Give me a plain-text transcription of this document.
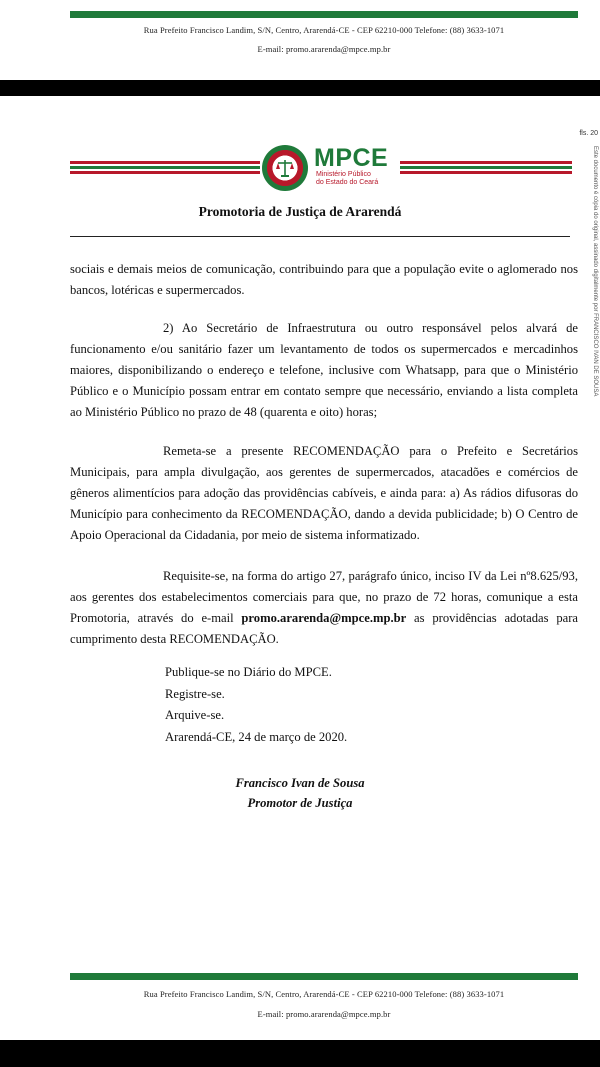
Rua Prefeito Francisco Landim, S/N, Centro, Ararendá-CE - CEP 62210-000 Telefone: (88) 3633-1071
E-mail: promo.ararenda@mpce.mp.br
fls. 20
Este documento é cópia do original, assinado digitalmente por FRANCISCO IVAN DE SOUSA
MPCE
Ministério Público
do Estado do Ceará
Promotoria de Justiça de Ararendá

sociais e demais meios de comunicação, contribuindo para que a população evite o aglomerado nos bancos, lotéricas e supermercados.

2) Ao Secretário de Infraestrutura ou outro responsável pelos alvará de funcionamento e/ou sanitário fazer um levantamento de todos os supermercados e mercadinhos maiores, disponibilizando o endereço e telefone, inclusive com Whatsapp, para que o Ministério Público e o Município possam entrar em contato sempre que necessário, enviando a lista completa ao Ministério Público no prazo de 48 (quarenta e oito) horas;

Remeta-se a presente RECOMENDAÇÃO para o Prefeito e Secretários Municipais, para ampla divulgação, aos gerentes de supermercados, atacadões e comércios de gêneros alimentícios para adoção das providências cabíveis, e ainda para: a) As rádios difusoras do Município para conhecimento da RECOMENDAÇÃO, dando a devida publicidade; b) O Centro de Apoio Operacional da Cidadania, por meio de sistema informatizado.

Requisite-se, na forma do artigo 27, parágrafo único, inciso IV da Lei nº8.625/93, aos gerentes dos estabelecimentos comerciais para que, no prazo de 72 horas, comunique a esta Promotoria, através do e-mail promo.ararenda@mpce.mp.br as providências adotadas para cumprimento desta RECOMENDAÇÃO.

Publique-se no Diário do MPCE.
Registre-se.
Arquive-se.
Ararendá-CE, 24 de março de 2020.
Francisco Ivan de Sousa
Promotor de Justiça
Rua Prefeito Francisco Landim, S/N, Centro, Ararendá-CE - CEP 62210-000 Telefone: (88) 3633-1071
E-mail: promo.ararenda@mpce.mp.br
